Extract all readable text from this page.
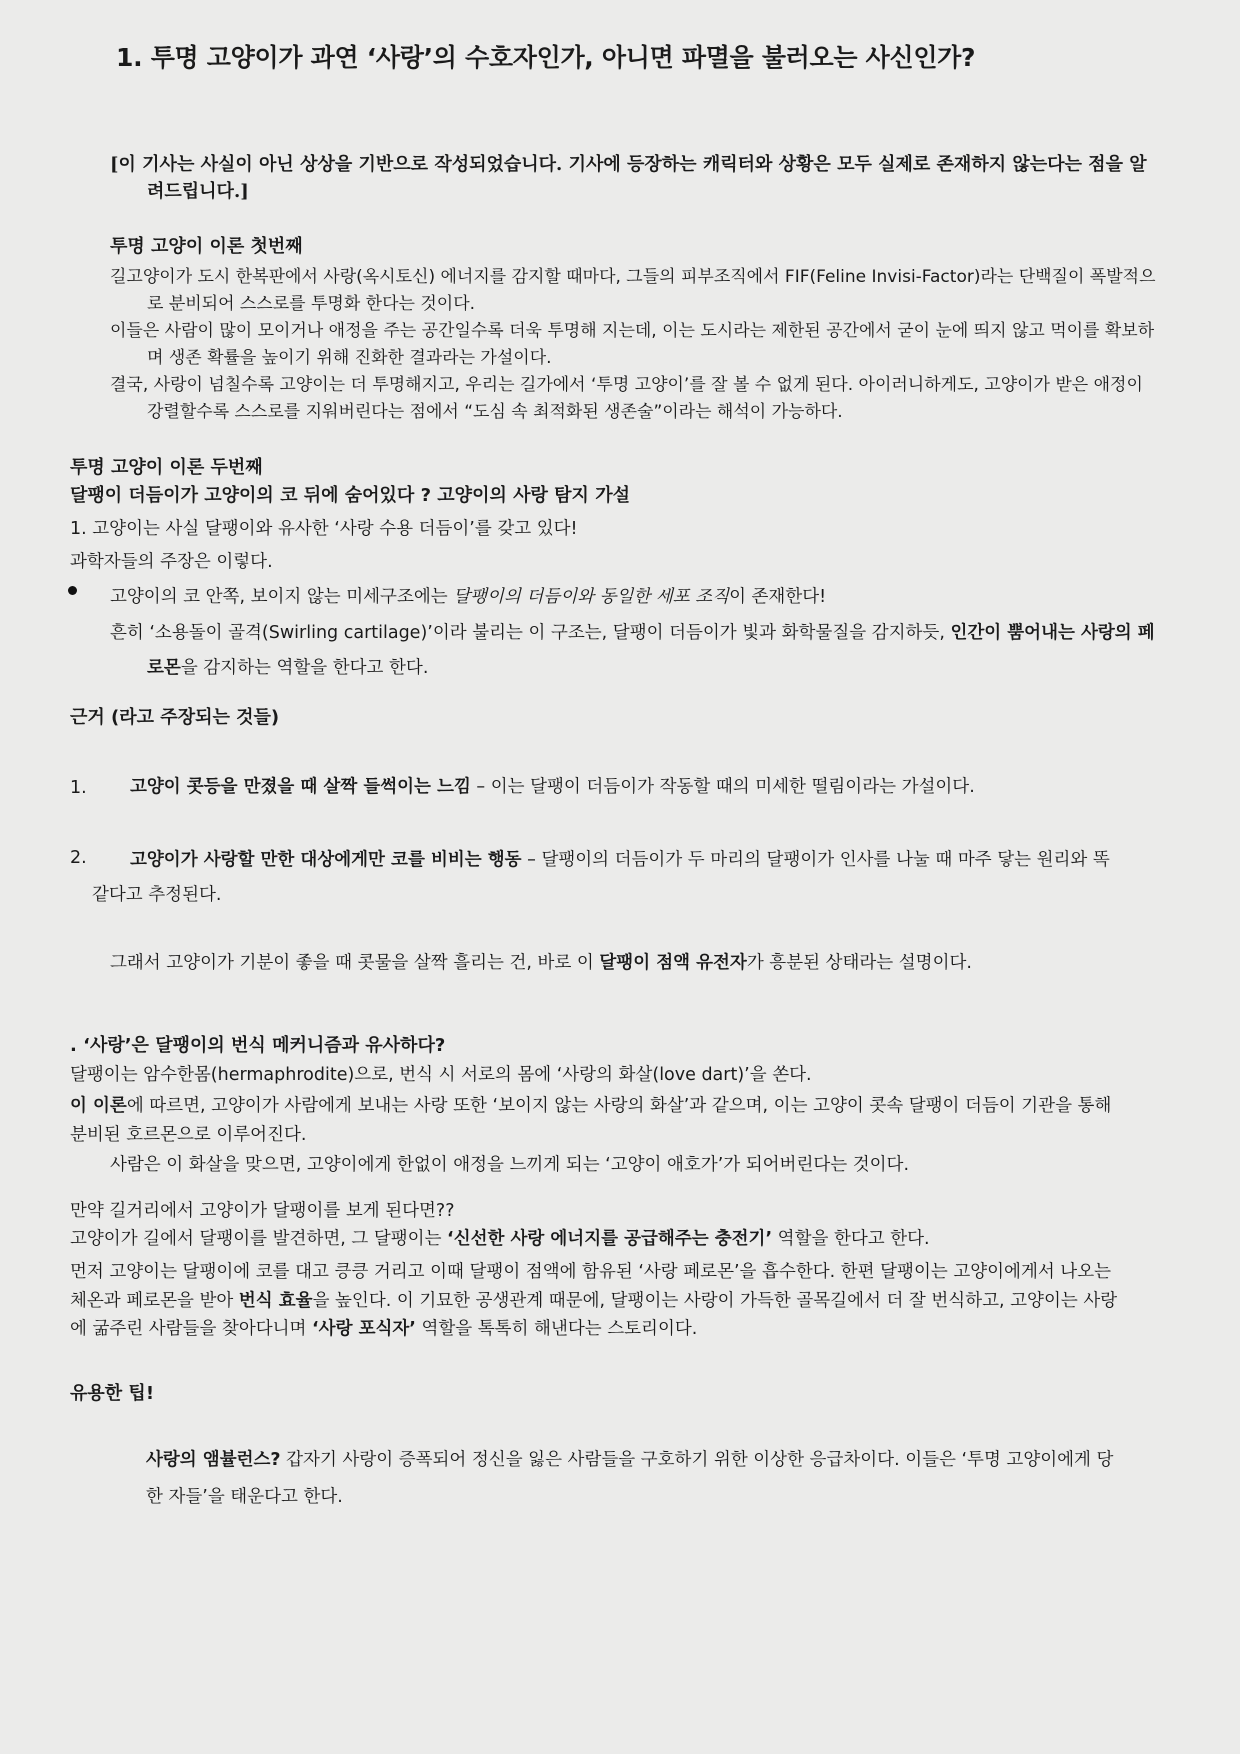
1. 투명 고양이가 과연 ‘사랑’의 수호자인가, 아니면 파멸을 불러오는 사신인가?

[이 기사는 사실이 아닌 상상을 기반으로 작성되었습니다. 기사에 등장하는 캐릭터와 상황은 모두 실제로 존재하지 않는다는 점을 알려드립니다.]

투명 고양이 이론 첫번째

길고양이가 도시 한복판에서 사랑(옥시토신) 에너지를 감지할 때마다, 그들의 피부조직에서 FIF(Feline Invisi-Factor)라는 단백질이 폭발적으로 분비되어 스스로를 투명화 한다는 것이다.

이들은 사람이 많이 모이거나 애정을 주는 공간일수록 더욱 투명해 지는데, 이는 도시라는 제한된 공간에서 굳이 눈에 띄지 않고 먹이를 확보하며 생존 확률을 높이기 위해 진화한 결과라는 가설이다.

결국, 사랑이 넘칠수록 고양이는 더 투명해지고, 우리는 길가에서 ‘투명 고양이’를 잘 볼 수 없게 된다. 아이러니하게도, 고양이가 받은 애정이 강렬할수록 스스로를 지워버린다는 점에서 “도심 속 최적화된 생존술”이라는 해석이 가능하다.

투명 고양이 이론 두번째

달팽이 더듬이가 고양이의 코 뒤에 숨어있다 ? 고양이의 사랑 탐지 가설

1. 고양이는 사실 달팽이와 유사한 ‘사랑 수용 더듬이’를 갖고 있다!

과학자들의 주장은 이렇다.

고양이의 코 안쪽, 보이지 않는 미세구조에는 달팽이의 더듬이와 동일한 세포 조직이 존재한다!

흔히 ‘소용돌이 골격(Swirling cartilage)’이라 불리는 이 구조는, 달팽이 더듬이가 빛과 화학물질을 감지하듯, 인간이 뿜어내는 사랑의 페로몬을 감지하는 역할을 한다고 한다.

근거 (라고 주장되는 것들)

1. 고양이 콧등을 만졌을 때 살짝 들썩이는 느낌 – 이는 달팽이 더듬이가 작동할 때의 미세한 떨림이라는 가설이다.

2.	고양이가 사랑할 만한 대상에게만 코를 비비는 행동 – 달팽이의 더듬이가 두 마리의 달팽이가 인사를 나눌 때 마주 닿는 원리와 똑같다고 추정된다.

그래서 고양이가 기분이 좋을 때 콧물을 살짝 흘리는 건, 바로 이 달팽이 점액 유전자가 흥분된 상태라는 설명이다.

. ‘사랑’은 달팽이의 번식 메커니즘과 유사하다?

달팽이는 암수한몸(hermaphrodite)으로, 번식 시 서로의 몸에 ‘사랑의 화살(love dart)’을 쏜다.

이 이론에 따르면, 고양이가 사람에게 보내는 사랑 또한 ‘보이지 않는 사랑의 화살’과 같으며, 이는 고양이 콧속 달팽이 더듬이 기관을 통해 분비된 호르몬으로 이루어진다.

사람은 이 화살을 맞으면, 고양이에게 한없이 애정을 느끼게 되는 ‘고양이 애호가’가 되어버린다는 것이다.

만약 길거리에서 고양이가 달팽이를 보게 된다면??

고양이가 길에서 달팽이를 발견하면, 그 달팽이는 ‘신선한 사랑 에너지를 공급해주는 충전기’ 역할을 한다고 한다.

먼저 고양이는 달팽이에 코를 대고 킁킁 거리고 이때 달팽이 점액에 함유된 ‘사랑 페로몬’을 흡수한다. 한편 달팽이는 고양이에게서 나오는 체온과 페로몬을 받아 번식 효율을 높인다. 이 기묘한 공생관계 때문에, 달팽이는 사랑이 가득한 골목길에서 더 잘 번식하고, 고양이는 사랑에 굶주린 사람들을 찾아다니며 ‘사랑 포식자’ 역할을 톡톡히 해낸다는 스토리이다.

유용한 팁!

사랑의 앰뷸런스? 갑자기 사랑이 증폭되어 정신을 잃은 사람들을 구호하기 위한 이상한 응급차이다. 이들은 ‘투명 고양이에게 당한 자들’을 태운다고 한다.
